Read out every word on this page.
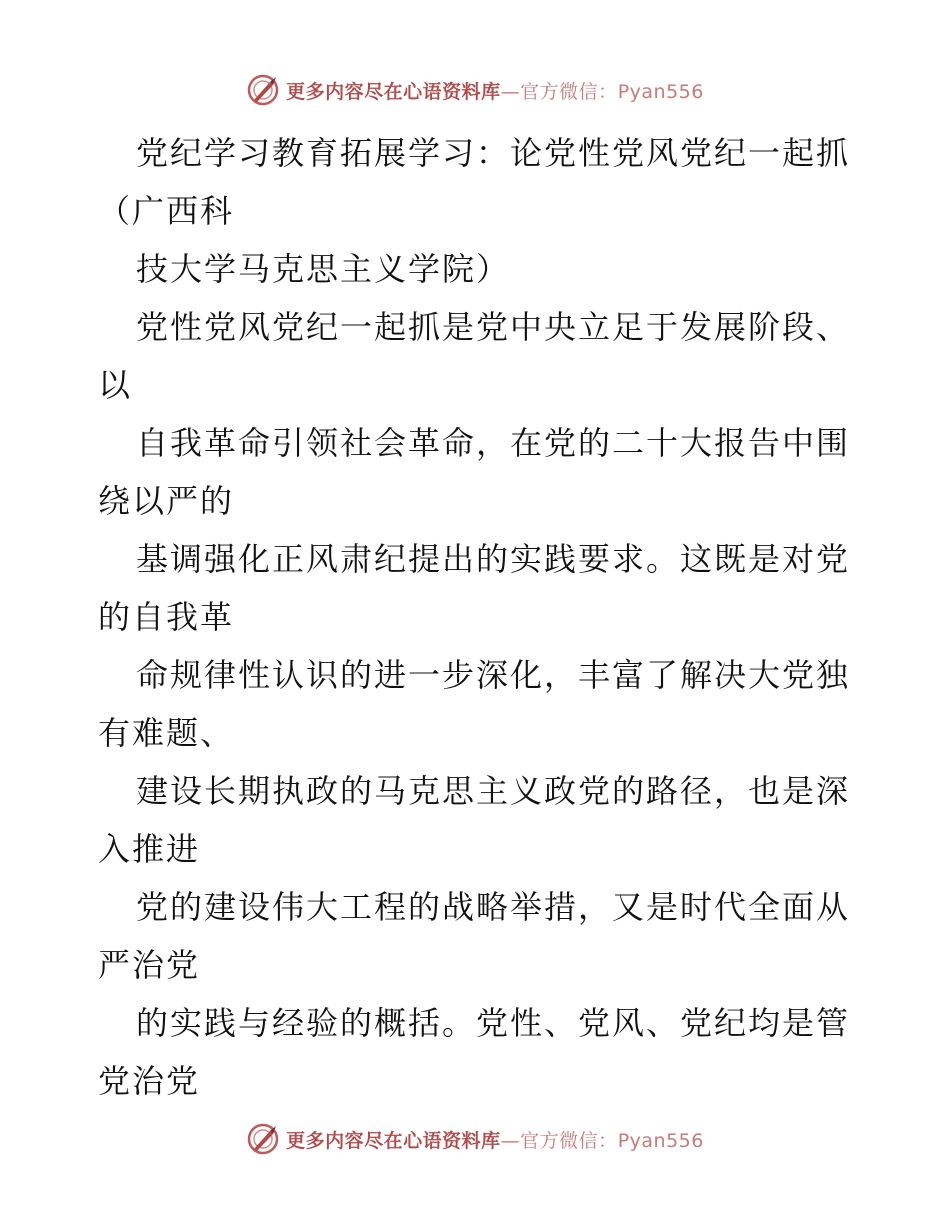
更多内容尽在心语资料库—官方微信：Pyan556
党纪学习教育拓展学习：论党性党风党纪一起抓
（广西科
技大学马克思主义学院）
党性党风党纪一起抓是党中央立足于发展阶段、
以
自我革命引领社会革命，在党的二十大报告中围
绕以严的
基调强化正风肃纪提出的实践要求。这既是对党
的自我革
命规律性认识的进一步深化，丰富了解决大党独
有难题、
建设长期执政的马克思主义政党的路径，也是深
入推进
党的建设伟大工程的战略举措，又是时代全面从
严治党
的实践与经验的概括。党性、党风、党纪均是管
党治党
更多内容尽在心语资料库—官方微信：Pyan556
